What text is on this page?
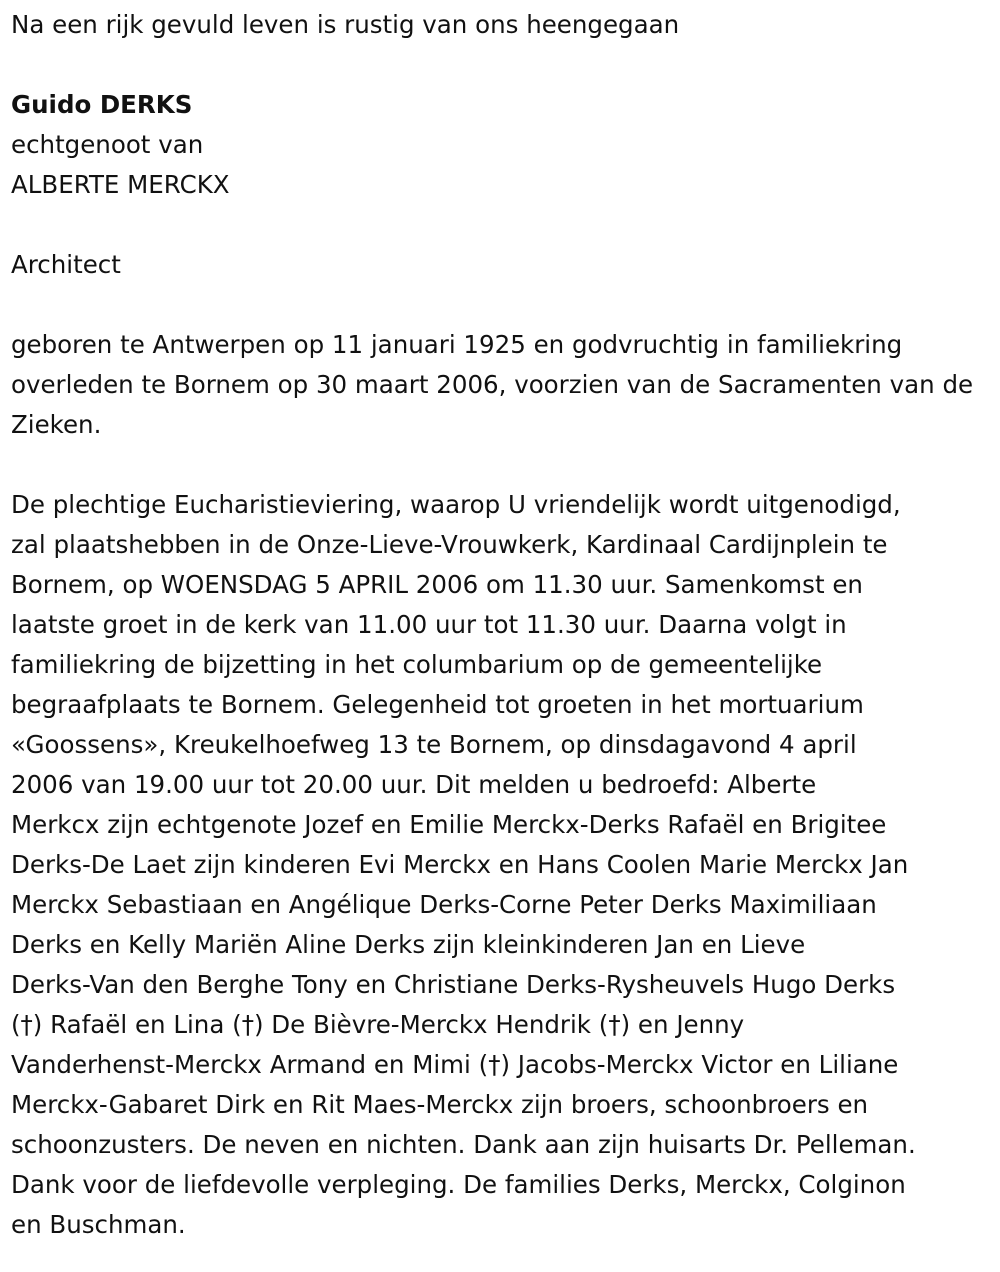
Na een rijk gevuld leven is rustig van ons heengegaan

Guido DERKS

echtgenoot van

ALBERTE MERCKX

Architect

geboren te Antwerpen op 11 januari 1925 en godvruchtig in familiekring overleden te Bornem op 30 maart 2006, voorzien van de Sacramenten van de Zieken.

De plechtige Eucharistieviering, waarop U vriendelijk wordt uitgenodigd,

zal plaatshebben in de Onze-Lieve-Vrouwkerk, Kardinaal Cardijnplein te

Bornem, op WOENSDAG 5 APRIL 2006 om 11.30 uur. Samenkomst en

laatste groet in de kerk van 11.00 uur tot 11.30 uur. Daarna volgt in

familiekring de bijzetting in het columbarium op de gemeentelijke

begraafplaats te Bornem. Gelegenheid tot groeten in het mortuarium

«Goossens», Kreukelhoefweg 13 te Bornem, op dinsdagavond 4 april

2006 van 19.00 uur tot 20.00 uur. Dit melden u bedroefd: Alberte

Merkcx zijn echtgenote Jozef en Emilie Merckx-Derks Rafaël en Brigitee

Derks-De Laet zijn kinderen Evi Merckx en Hans Coolen Marie Merckx Jan

Merckx Sebastiaan en Angélique Derks-Corne Peter Derks Maximiliaan

Derks en Kelly Mariën Aline Derks zijn kleinkinderen Jan en Lieve

Derks-Van den Berghe Tony en Christiane Derks-Rysheuvels Hugo Derks

(†) Rafaël en Lina (†) De Bièvre-Merckx Hendrik (†) en Jenny

Vanderhenst-Merckx Armand en Mimi (†) Jacobs-Merckx Victor en Liliane

Merckx-Gabaret Dirk en Rit Maes-Merckx zijn broers, schoonbroers en

schoonzusters. De neven en nichten. Dank aan zijn huisarts Dr. Pelleman.

Dank voor de liefdevolle verpleging. De families Derks, Merckx, Colginon

en Buschman.
